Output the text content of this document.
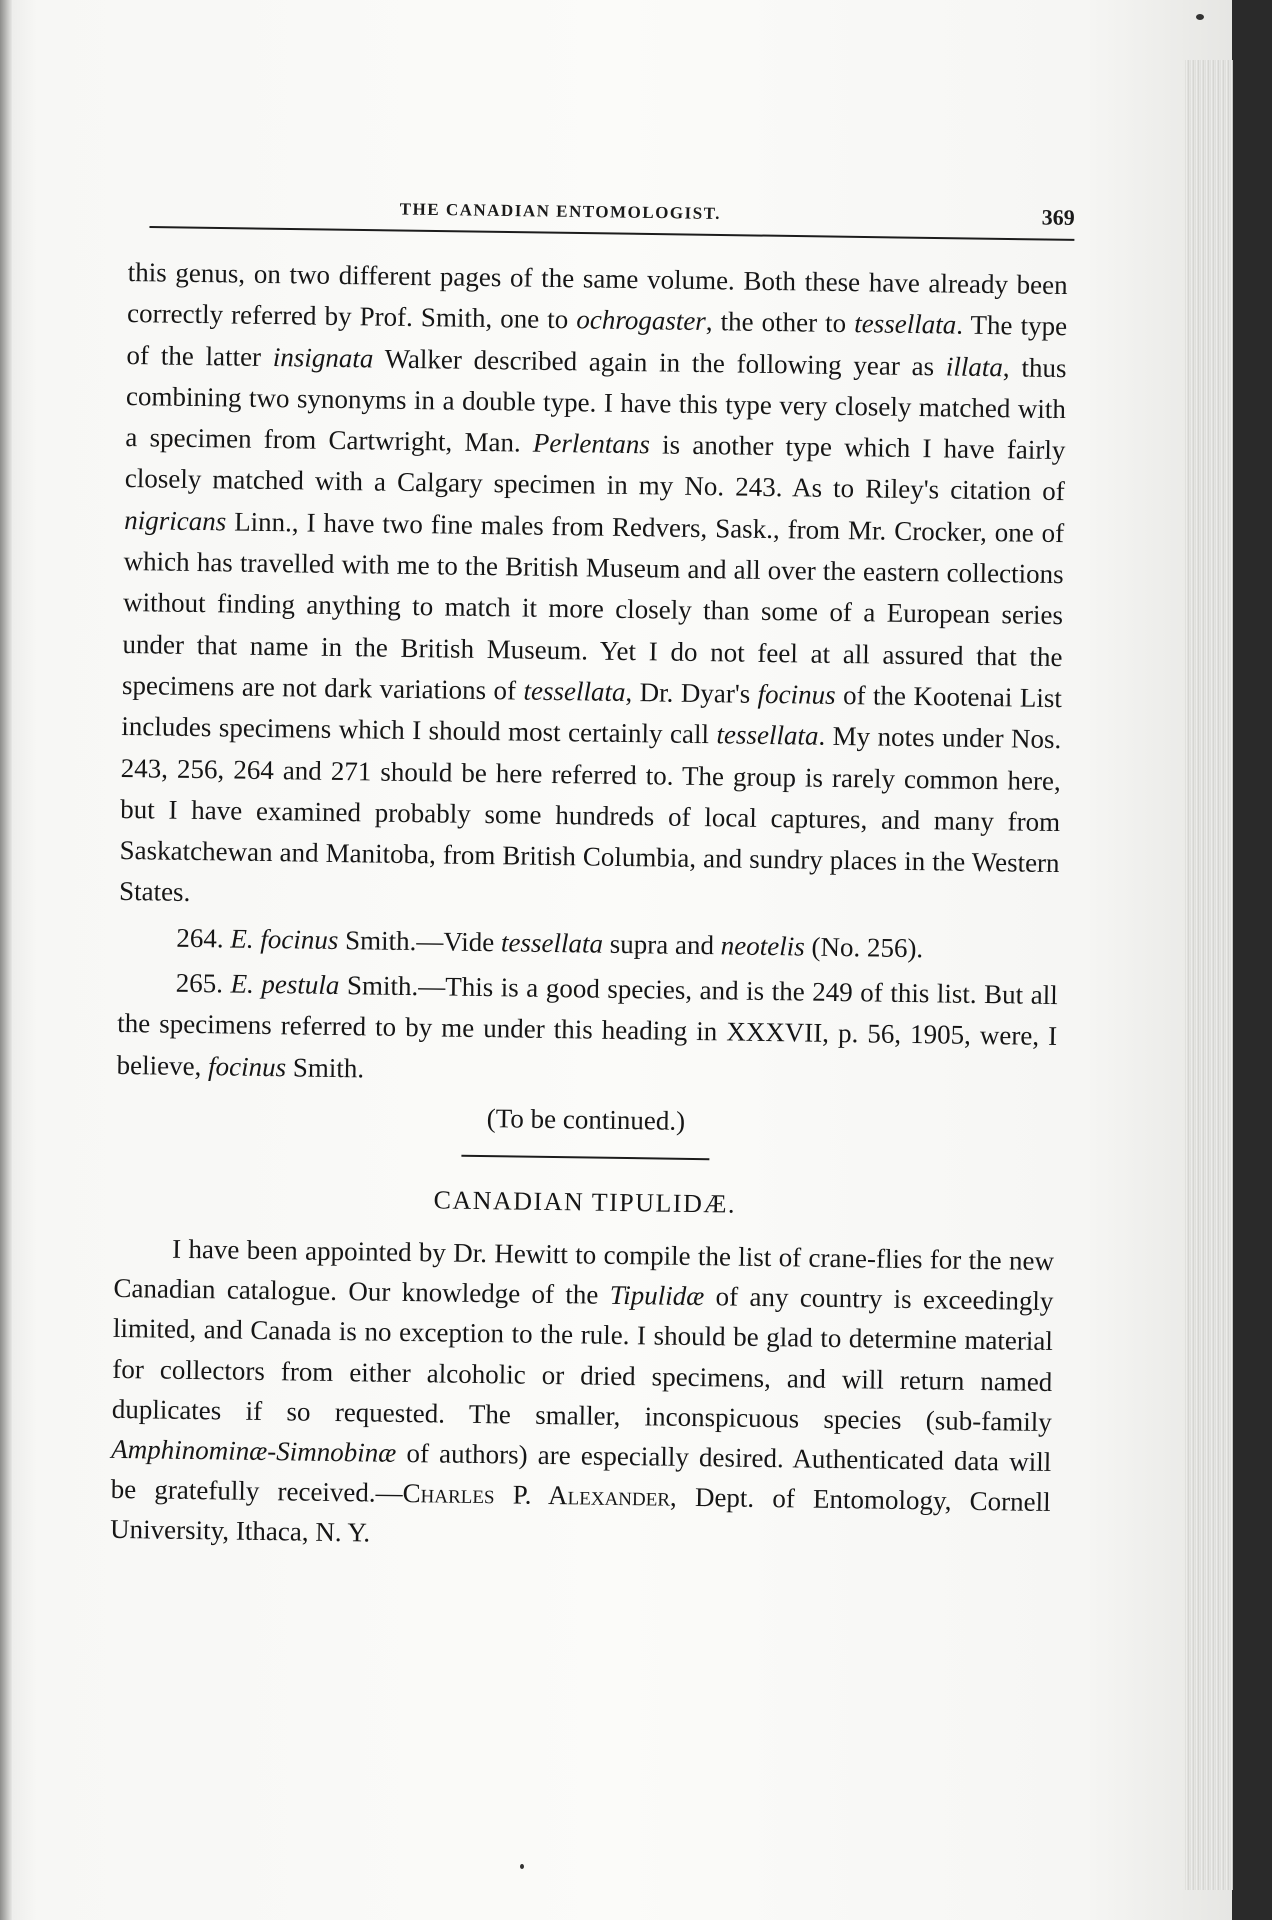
THE CANADIAN ENTOMOLOGIST.	369

this genus, on two different pages of the same volume. Both these have already been correctly referred by Prof. Smith, one to ochrogaster, the other to tessellata. The type of the latter insignata Walker described again in the following year as illata, thus combining two synonyms in a double type. I have this type very closely matched with a specimen from Cartwright, Man. Perlentans is another type which I have fairly closely matched with a Calgary specimen in my No. 243. As to Riley's citation of nigricans Linn., I have two fine males from Redvers, Sask., from Mr. Crocker, one of which has travelled with me to the British Museum and all over the eastern collections without finding anything to match it more closely than some of a European series under that name in the British Museum. Yet I do not feel at all assured that the specimens are not dark variations of tessellata, Dr. Dyar's focinus of the Kootenai List includes specimens which I should most certainly call tessellata. My notes under Nos. 243, 256, 264 and 271 should be here referred to. The group is rarely common here, but I have examined probably some hundreds of local captures, and many from Saskatchewan and Manitoba, from British Columbia, and sundry places in the Western States.

264. E. focinus Smith.—Vide tessellata supra and neotelis (No. 256).

265. E. pestula Smith.—This is a good species, and is the 249 of this list. But all the specimens referred to by me under this heading in XXXVII, p. 56, 1905, were, I believe, focinus Smith.

(To be continued.)

CANADIAN TIPULIDÆ.

I have been appointed by Dr. Hewitt to compile the list of crane-flies for the new Canadian catalogue. Our knowledge of the Tipulidæ of any country is exceedingly limited, and Canada is no exception to the rule. I should be glad to determine material for collectors from either alcoholic or dried specimens, and will return named duplicates if so requested. The smaller, inconspicuous species (sub-family Amphinominæ-Simnobinæ of authors) are especially desired. Authenticated data will be gratefully received.—Charles P. Alexander, Dept. of Entomology, Cornell University, Ithaca, N. Y.
